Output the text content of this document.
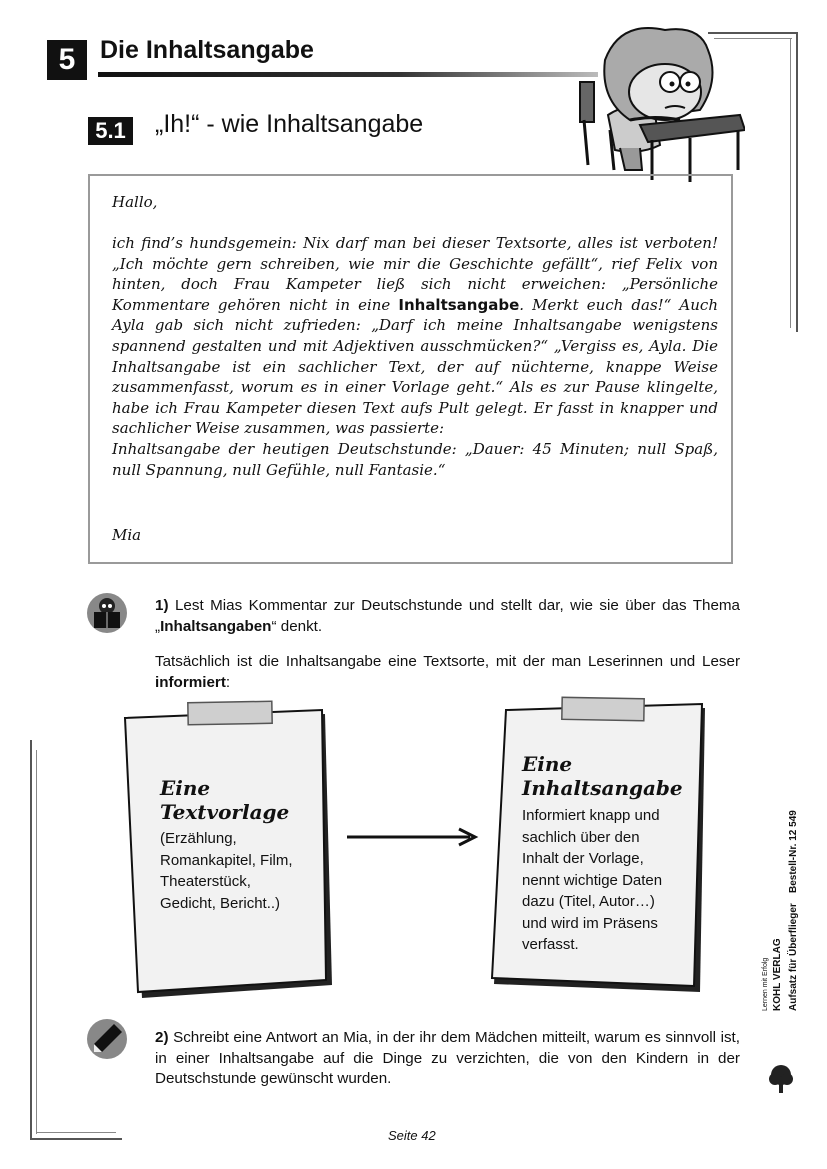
5 Die Inhaltsangabe
5.1 „Ih!“ - wie Inhaltsangabe
Hallo,
ich find’s hundsgemein: Nix darf man bei dieser Textsorte, alles ist verboten! „Ich möchte gern schreiben, wie mir die Geschichte gefällt“, rief Felix von hinten, doch Frau Kampeter ließ sich nicht erweichen: „Persönliche Kommentare gehören nicht in eine Inhaltsangabe. Merkt euch das!“ Auch Ayla gab sich nicht zufrieden: „Darf ich meine Inhaltsangabe wenigstens spannend gestalten und mit Adjektiven ausschmücken?“ „Vergiss es, Ayla. Die Inhaltsangabe ist ein sachlicher Text, der auf nüchterne, knappe Weise zusammenfasst, worum es in einer Vorlage geht.“ Als es zur Pause klingelte, habe ich Frau Kampeter diesen Text aufs Pult gelegt. Er fasst in knapper und sachlicher Weise zusammen, was passierte:
Inhaltsangabe der heutigen Deutschstunde: „Dauer: 45 Minuten; null Spaß, null Spannung, null Gefühle, null Fantasie.“
Mia
1) Lest Mias Kommentar zur Deutschstunde und stellt dar, wie sie über das Thema „Inhaltsangaben“ denkt.
Tatsächlich ist die Inhaltsangabe eine Textsorte, mit der man Leserinnen und Leser informiert:
Eine
Textvorlage
(Erzählung,
Romankapitel, Film,
Theaterstück,
Gedicht, Bericht..)
Eine
Inhaltsangabe
Informiert knapp und
sachlich über den
Inhalt der Vorlage,
nennt wichtige Daten
dazu (Titel, Autor…)
und wird im Präsens
verfasst.
2) Schreibt eine Antwort an Mia, in der ihr dem Mädchen mitteilt, warum es sinnvoll ist, in einer Inhaltsangabe auf die Dinge zu verzichten, die von den Kindern in der Deutschstunde gewünscht wurden.
Bestell-Nr. 12 549
Aufsatz für Überflieger
KOHL VERLAG
Lernen mit Erfolg
Seite 42
